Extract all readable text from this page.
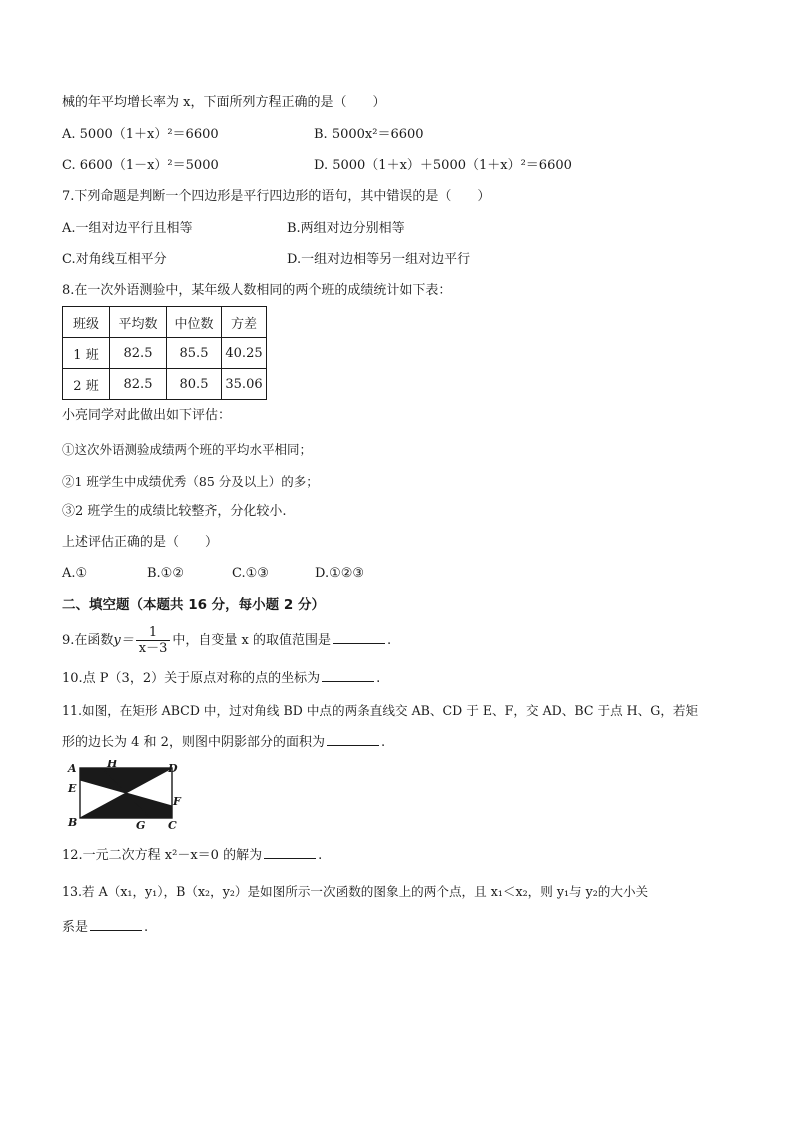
械的年平均增长率为 x，下面所列方程正确的是（　　）
A. 5000（1＋x）²＝6600	B. 5000x²＝6600
C. 6600（1－x）²＝5000	D. 5000（1＋x）＋5000（1＋x）²＝6600
7.下列命题是判断一个四边形是平行四边形的语句，其中错误的是（　　）
A.一组对边平行且相等	B.两组对边分别相等
C.对角线互相平分	D.一组对边相等另一组对边平行
8.在一次外语测验中，某年级人数相同的两个班的成绩统计如下表：
班级	平均数	中位数	方差
1 班	82.5	85.5	40.25
2 班	82.5	80.5	35.06
小亮同学对此做出如下评估：
①这次外语测验成绩两个班的平均水平相同；
②1 班学生中成绩优秀（85 分及以上）的多；
③2 班学生的成绩比较整齐，分化较小.
上述评估正确的是（　　）
A.①	B.①②	C.①③	D.①②③
二、填空题（本题共 16 分，每小题 2 分）
9.在函数$y= \frac{1}{x-3}$ 中，自变量 x 的取值范围是	.
10.点 P（3，2）关于原点对称的点的坐标为	.
11.如图，在矩形 ABCD 中，过对角线 BD 中点的两条直线交 AB、CD 于 E、F，交 AD、BC 于点 H、G，若矩
形的边长为 4 和 2，则图中阴影部分的面积为	.
A	H	D
E
F
B	G C
12.一元二次方程 x²－x＝0 的解为	.
13.若 A（x₁，y₁），B（x₂，y₂）是如图所示一次函数的图象上的两个点，且 x₁＜x₂，则 y₁与 y₂的大小关
系是	.
